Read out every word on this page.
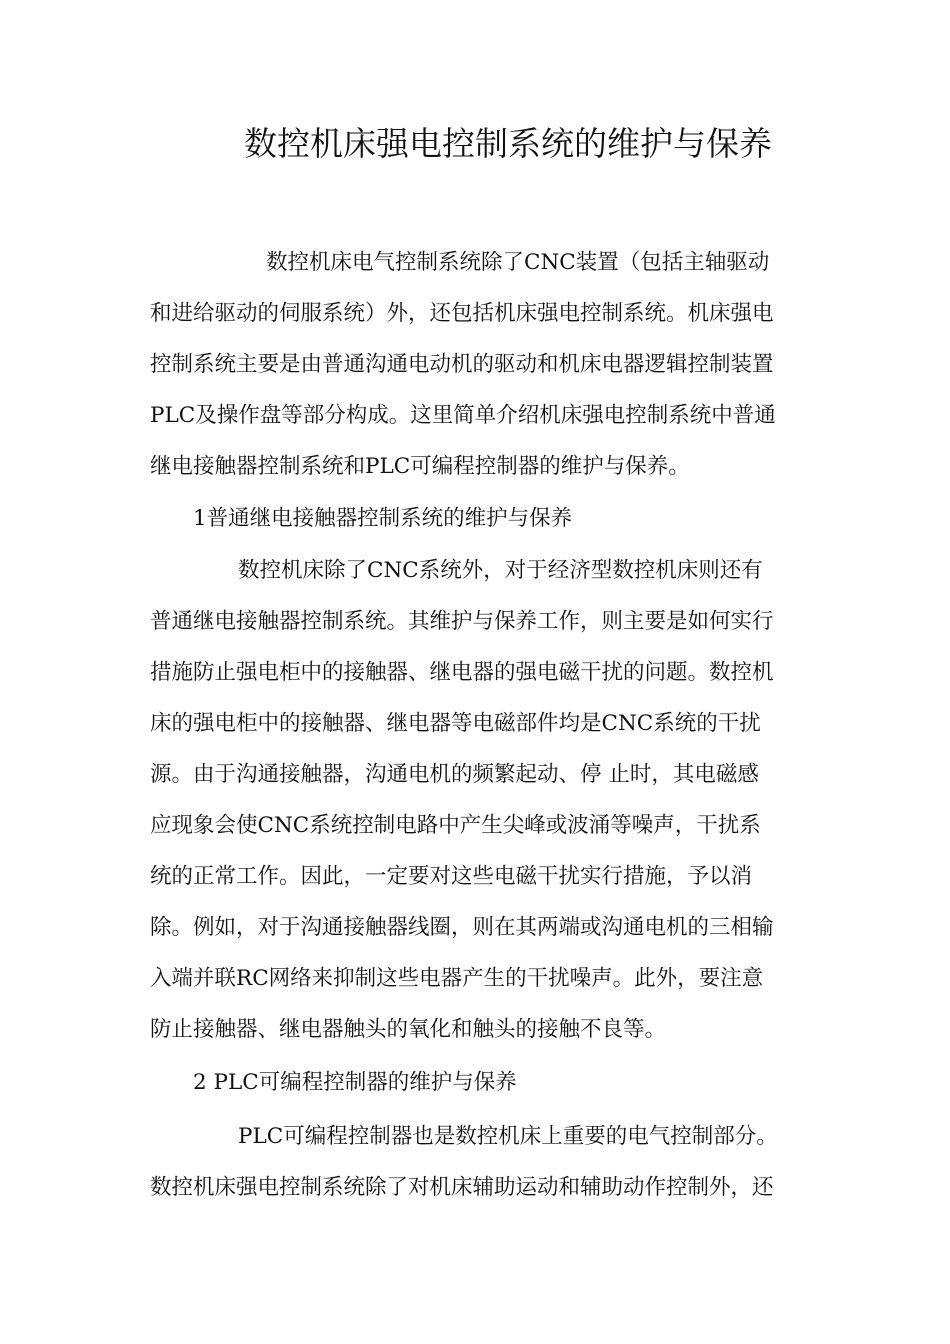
数控机床强电控制系统的维护与保养
数控机床电气控制系统除了CNC装置（包括主轴驱动
和进给驱动的伺服系统）外，还包括机床强电控制系统。机床强电
控制系统主要是由普通沟通电动机的驱动和机床电器逻辑控制装置
PLC及操作盘等部分构成。这里简单介绍机床强电控制系统中普通
继电接触器控制系统和PLC可编程控制器的维护与保养。
1普通继电接触器控制系统的维护与保养
数控机床除了CNC系统外，对于经济型数控机床则还有
普通继电接触器控制系统。其维护与保养工作，则主要是如何实行
措施防止强电柜中的接触器、继电器的强电磁干扰的问题。数控机
床的强电柜中的接触器、继电器等电磁部件均是CNC系统的干扰
源。由于沟通接触器，沟通电机的频繁起动、停 止时，其电磁感
应现象会使CNC系统控制电路中产生尖峰或波涌等噪声，干扰系
统的正常工作。因此，一定要对这些电磁干扰实行措施，予以消
除。例如，对于沟通接触器线圈，则在其两端或沟通电机的三相输
入端并联RC网络来抑制这些电器产生的干扰噪声。此外，要注意
防止接触器、继电器触头的氧化和触头的接触不良等。
2 PLC可编程控制器的维护与保养
PLC可编程控制器也是数控机床上重要的电气控制部分。
数控机床强电控制系统除了对机床辅助运动和辅助动作控制外，还
